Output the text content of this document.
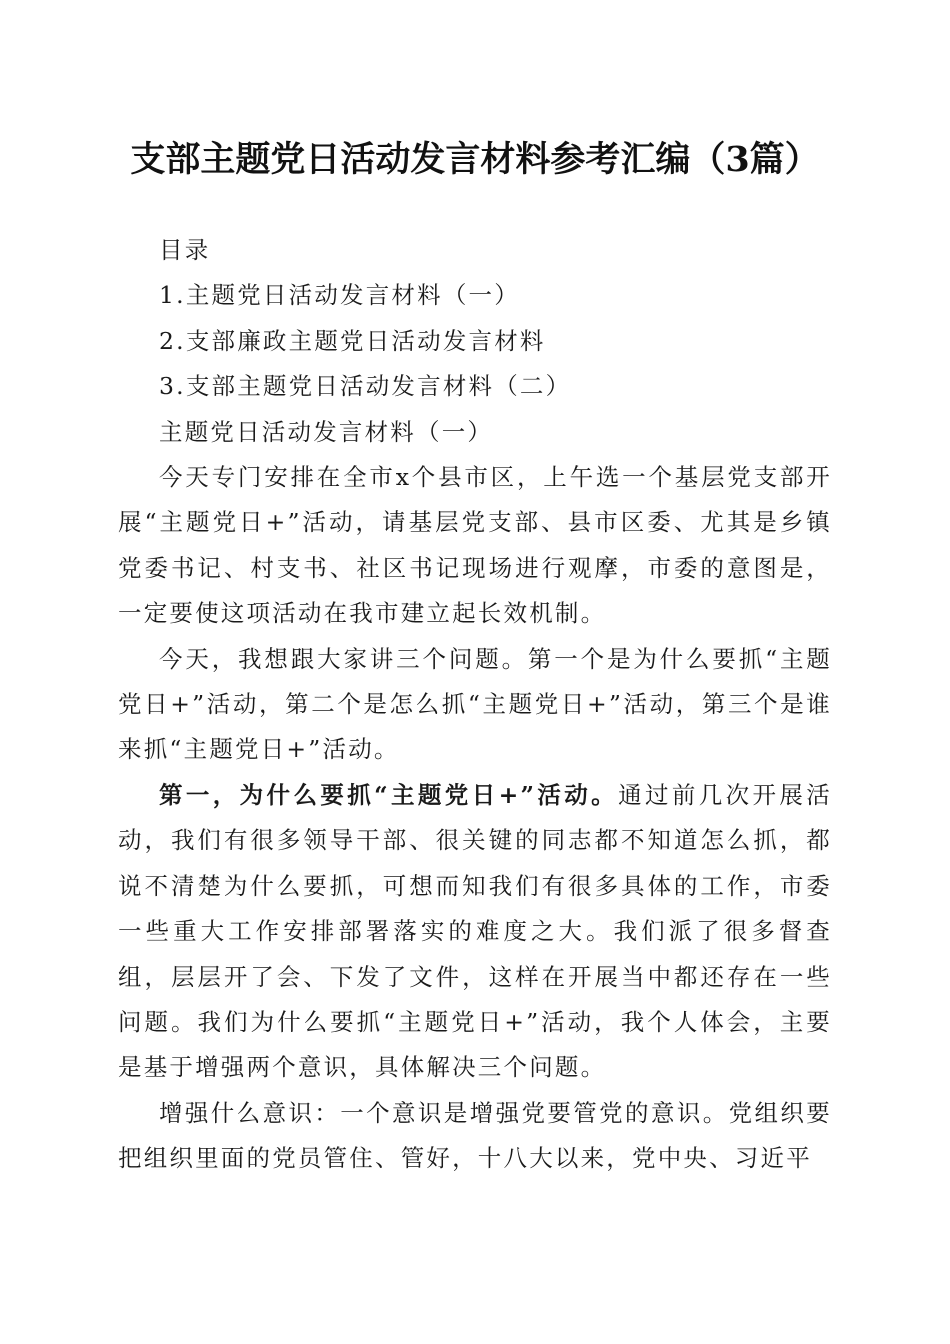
支部主题党日活动发言材料参考汇编（3篇）

目录

1.主题党日活动发言材料（一）

2.支部廉政主题党日活动发言材料

3.支部主题党日活动发言材料（二）

主题党日活动发言材料（一）

今天专门安排在全市x个县市区，上午选一个基层党支部开展“主题党日+”活动，请基层党支部、县市区委、尤其是乡镇党委书记、村支书、社区书记现场进行观摩，市委的意图是，一定要使这项活动在我市建立起长效机制。

今天，我想跟大家讲三个问题。第一个是为什么要抓“主题党日+”活动，第二个是怎么抓“主题党日+”活动，第三个是谁来抓“主题党日+”活动。

第一，为什么要抓“主题党日+”活动。通过前几次开展活动，我们有很多领导干部、很关键的同志都不知道怎么抓，都说不清楚为什么要抓，可想而知我们有很多具体的工作，市委一些重大工作安排部署落实的难度之大。我们派了很多督查组，层层开了会、下发了文件，这样在开展当中都还存在一些问题。我们为什么要抓“主题党日+”活动，我个人体会，主要是基于增强两个意识，具体解决三个问题。

增强什么意识：一个意识是增强党要管党的意识。党组织要把组织里面的党员管住、管好，十八大以来，党中央、习近平
